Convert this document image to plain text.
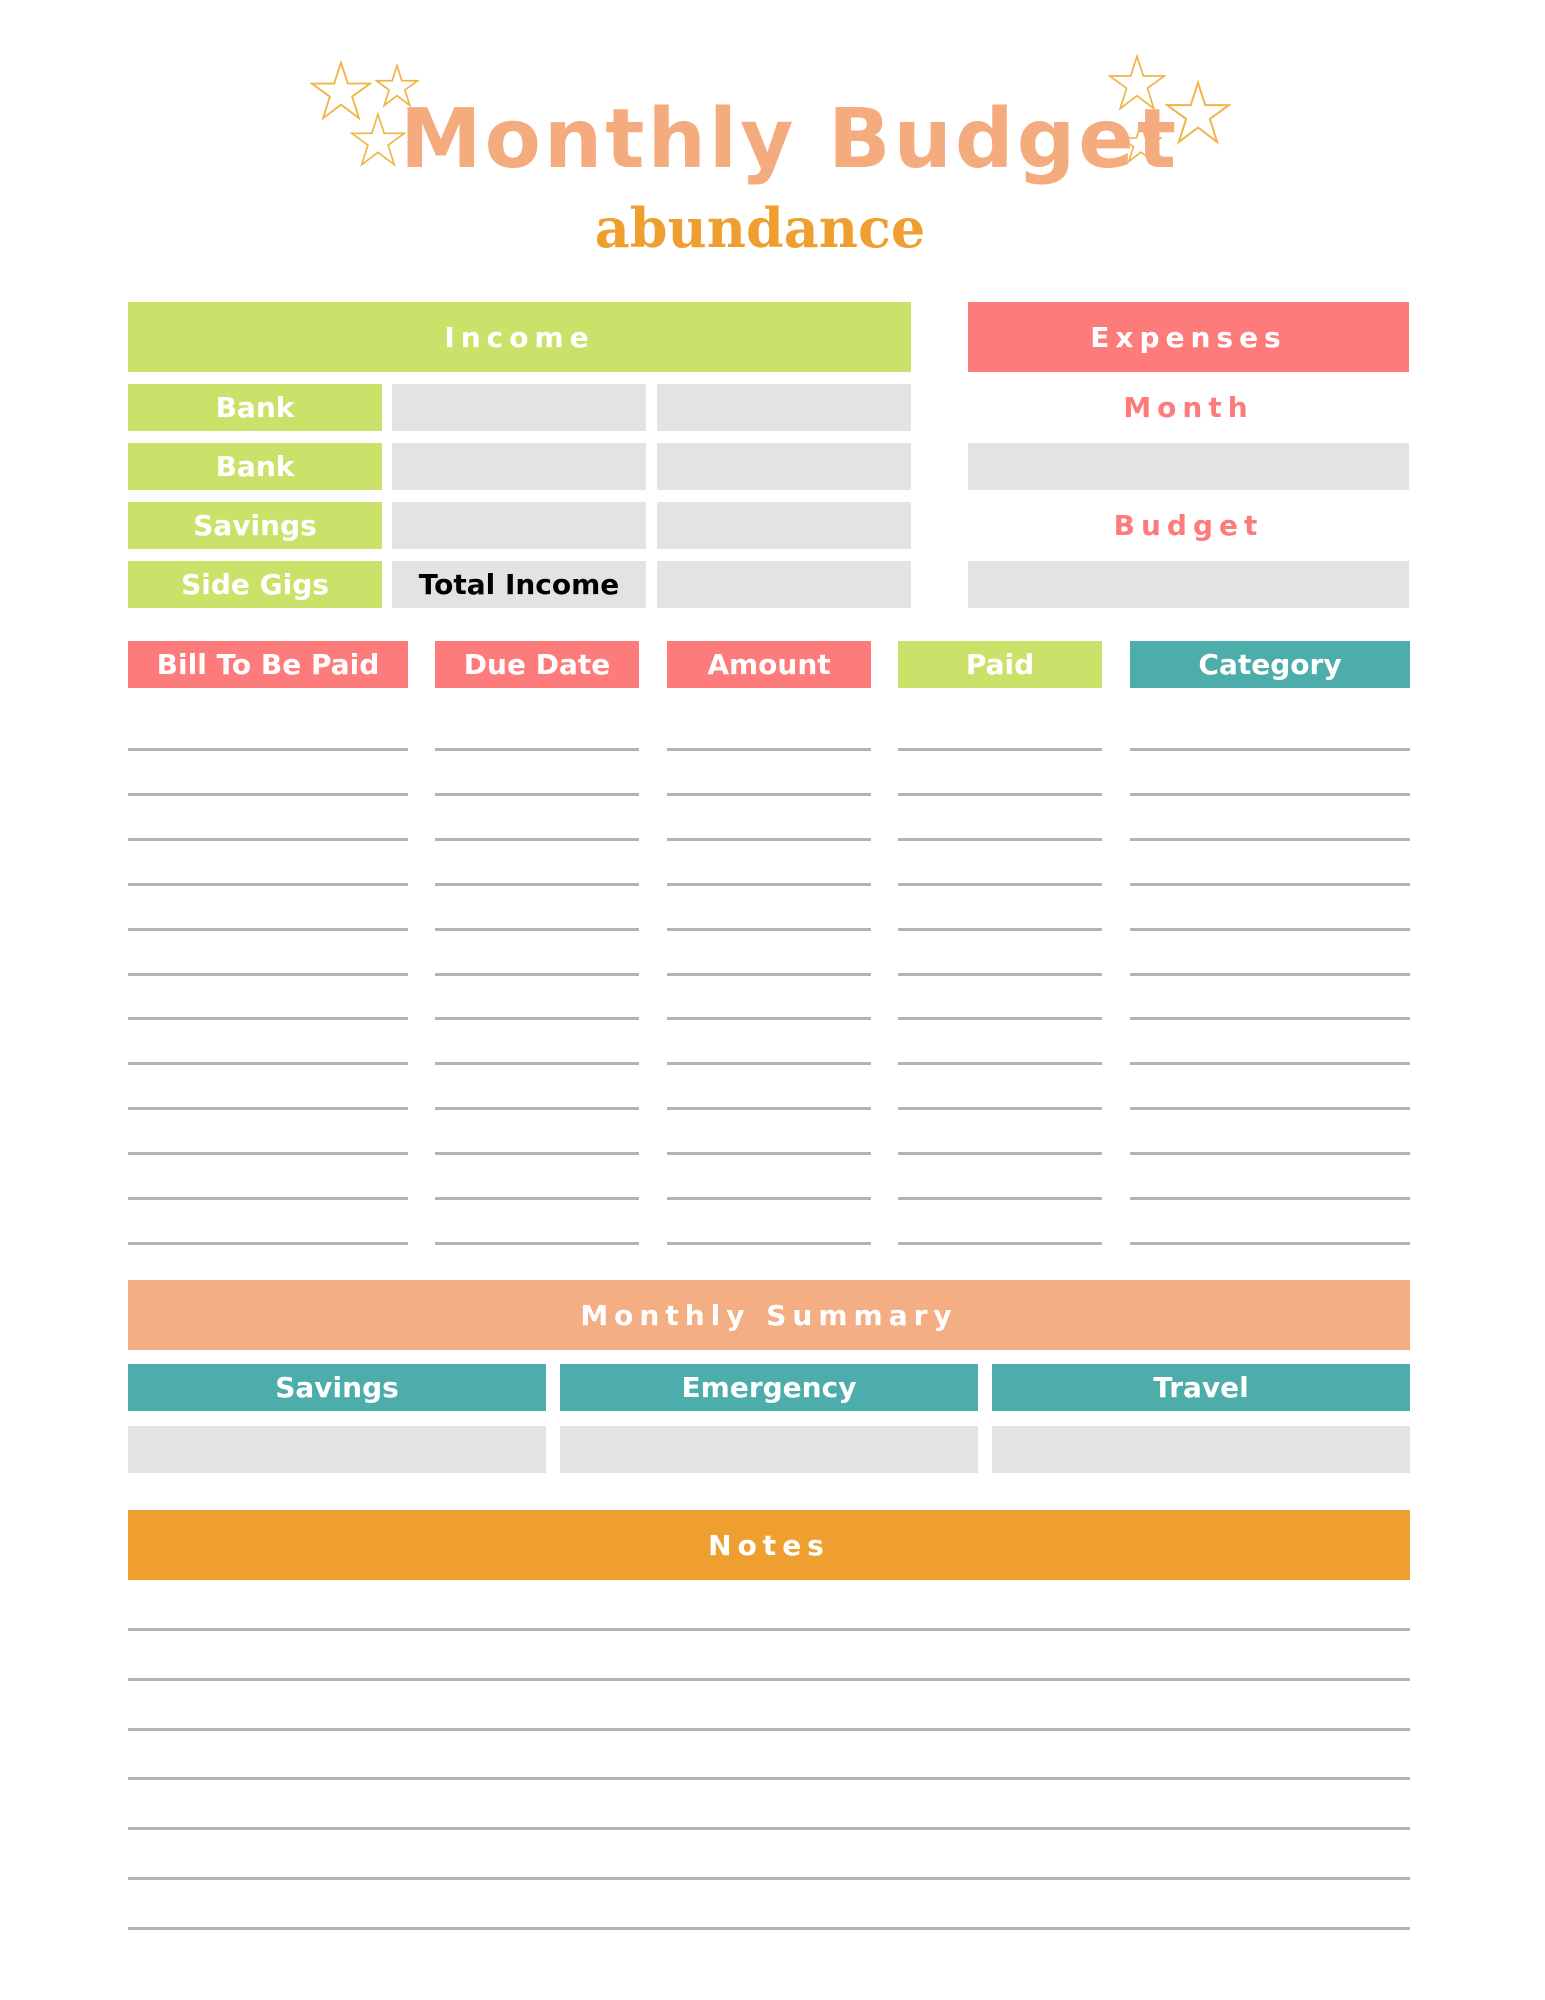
Monthly Budget
abundance
Income
Bank
Bank
Savings
Side Gigs	Total Income
Expenses
Month
Budget
Bill To Be Paid	Due Date	Amount	Paid	Category
Monthly Summary
Savings	Emergency	Travel
Notes
